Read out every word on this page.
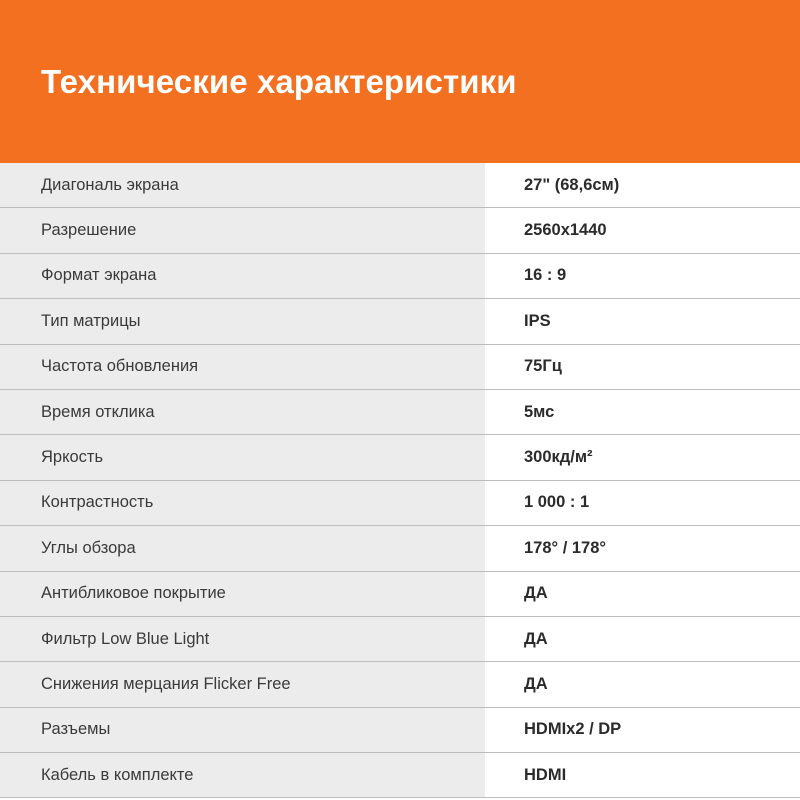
Технические характеристики
Диагональ экрана	27" (68,6см)
Разрешение	2560x1440
Формат экрана	16 : 9
Тип матрицы	IPS
Частота обновления	75Гц
Время отклика	5мс
Яркость	300кд/м²
Контрастность	1 000 : 1
Углы обзора	178° / 178°
Антибликовое покрытие	ДА
Фильтр Low Blue Light	ДА
Снижения мерцания Flicker Free	ДА
Разъемы	HDMIx2 / DP
Кабель в комплекте	HDMI
